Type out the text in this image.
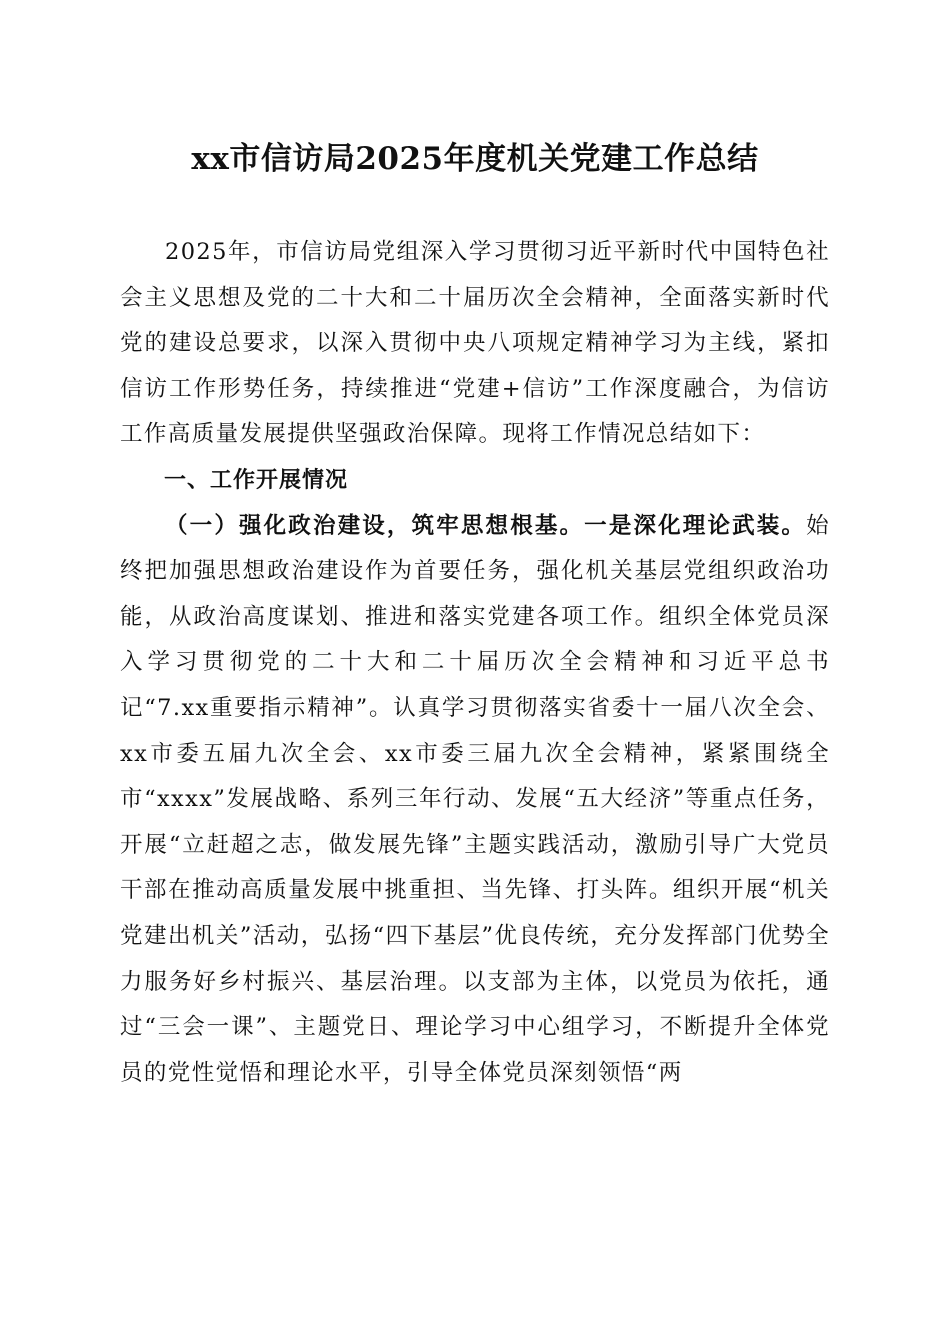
xx市信访局2025年度机关党建工作总结

2025年，市信访局党组深入学习贯彻习近平新时代中国特色社会主义思想及党的二十大和二十届历次全会精神，全面落实新时代党的建设总要求，以深入贯彻中央八项规定精神学习为主线，紧扣信访工作形势任务，持续推进“党建+信访”工作深度融合，为信访工作高质量发展提供坚强政治保障。现将工作情况总结如下：

一、工作开展情况

（一）强化政治建设，筑牢思想根基。一是深化理论武装。始终把加强思想政治建设作为首要任务，强化机关基层党组织政治功能，从政治高度谋划、推进和落实党建各项工作。组织全体党员深入学习贯彻党的二十大和二十届历次全会精神和习近平总书记“7.xx重要指示精神”。认真学习贯彻落实省委十一届八次全会、xx市委五届九次全会、xx市委三届九次全会精神，紧紧围绕全市“xxxx”发展战略、系列三年行动、发展“五大经济”等重点任务，开展“立赶超之志，做发展先锋”主题实践活动，激励引导广大党员干部在推动高质量发展中挑重担、当先锋、打头阵。组织开展“机关党建出机关”活动，弘扬“四下基层”优良传统，充分发挥部门优势全力服务好乡村振兴、基层治理。以支部为主体，以党员为依托，通过“三会一课”、主题党日、理论学习中心组学习，不断提升全体党员的党性觉悟和理论水平，引导全体党员深刻领悟“两
